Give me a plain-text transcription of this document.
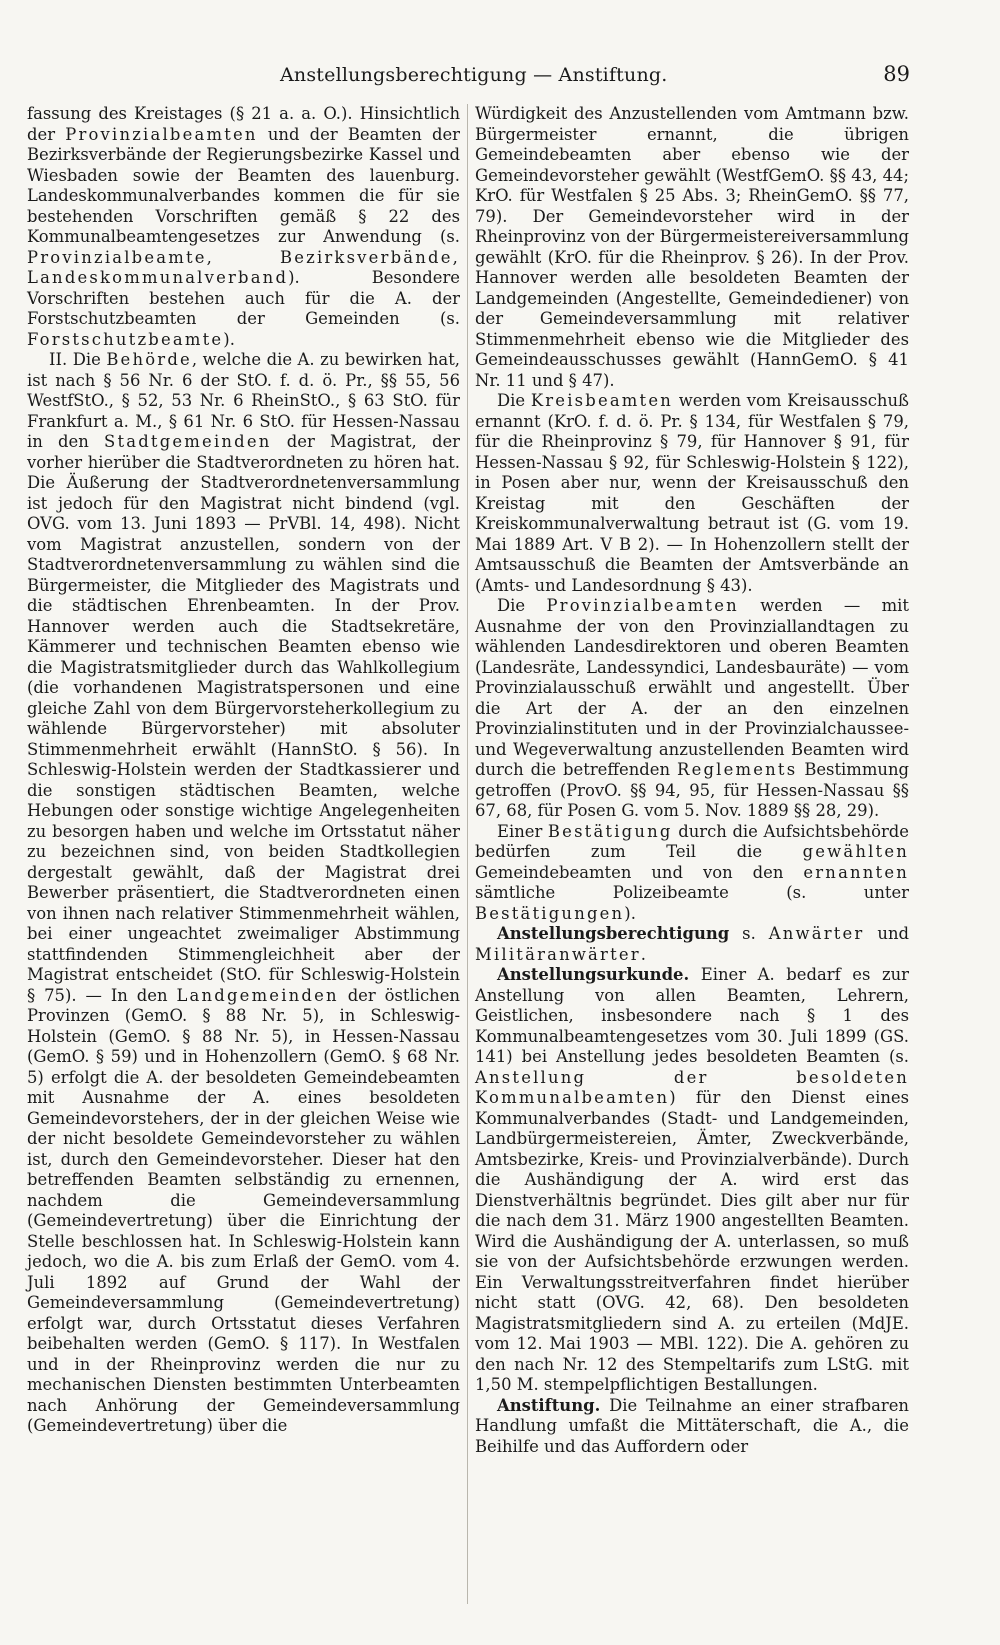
Anstellungsberechtigung — Anstiftung.	89

fassung des Kreistages (§ 21 a. a. O.). Hinsichtlich der Provinzialbeamten und der Beamten der Bezirksverbände der Regierungsbezirke Kassel und Wiesbaden sowie der Beamten des lauenburg. Landeskommunalverbandes kommen die für sie bestehenden Vorschriften gemäß § 22 des Kommunalbeamtengesetzes zur Anwendung (s. Provinzialbeamte, Bezirksverbände, Landeskommunalverband). Besondere Vorschriften bestehen auch für die A. der Forstschutzbeamten der Gemeinden (s. Forstschutzbeamte).

II. Die Behörde, welche die A. zu bewirken hat, ist nach § 56 Nr. 6 der StO. f. d. ö. Pr., §§ 55, 56 WestfStO., § 52, 53 Nr. 6 RheinStO., § 63 StO. für Frankfurt a. M., § 61 Nr. 6 StO. für Hessen-Nassau in den Stadtgemeinden der Magistrat, der vorher hierüber die Stadtverordneten zu hören hat. Die Äußerung der Stadtverordnetenversammlung ist jedoch für den Magistrat nicht bindend (vgl. OVG. vom 13. Juni 1893 — PrVBl. 14, 498). Nicht vom Magistrat anzustellen, sondern von der Stadtverordnetenversammlung zu wählen sind die Bürgermeister, die Mitglieder des Magistrats und die städtischen Ehrenbeamten. In der Prov. Hannover werden auch die Stadtsekretäre, Kämmerer und technischen Beamten ebenso wie die Magistratsmitglieder durch das Wahlkollegium (die vorhandenen Magistratspersonen und eine gleiche Zahl von dem Bürgervorsteherkollegium zu wählende Bürgervorsteher) mit absoluter Stimmenmehrheit erwählt (HannStO. § 56). In Schleswig-Holstein werden der Stadtkassierer und die sonstigen städtischen Beamten, welche Hebungen oder sonstige wichtige Angelegenheiten zu besorgen haben und welche im Ortsstatut näher zu bezeichnen sind, von beiden Stadtkollegien dergestalt gewählt, daß der Magistrat drei Bewerber präsentiert, die Stadtverordneten einen von ihnen nach relativer Stimmenmehrheit wählen, bei einer ungeachtet zweimaliger Abstimmung stattfindenden Stimmengleichheit aber der Magistrat entscheidet (StO. für Schleswig-Holstein § 75). — In den Landgemeinden der östlichen Provinzen (GemO. § 88 Nr. 5), in Schleswig-Holstein (GemO. § 88 Nr. 5), in Hessen-Nassau (GemO. § 59) und in Hohenzollern (GemO. § 68 Nr. 5) erfolgt die A. der besoldeten Gemeindebeamten mit Ausnahme der A. eines besoldeten Gemeindevorstehers, der in der gleichen Weise wie der nicht besoldete Gemeindevorsteher zu wählen ist, durch den Gemeindevorsteher. Dieser hat den betreffenden Beamten selbständig zu ernennen, nachdem die Gemeindeversammlung (Gemeindevertretung) über die Einrichtung der Stelle beschlossen hat. In Schleswig-Holstein kann jedoch, wo die A. bis zum Erlaß der GemO. vom 4. Juli 1892 auf Grund der Wahl der Gemeindeversammlung (Gemeindevertretung) erfolgt war, durch Ortsstatut dieses Verfahren beibehalten werden (GemO. § 117). In Westfalen und in der Rheinprovinz werden die nur zu mechanischen Diensten bestimmten Unterbeamten nach Anhörung der Gemeindeversammlung (Gemeindevertretung) über die

Würdigkeit des Anzustellenden vom Amtmann bzw. Bürgermeister ernannt, die übrigen Gemeindebeamten aber ebenso wie der Gemeindevorsteher gewählt (WestfGemO. §§ 43, 44; KrO. für Westfalen § 25 Abs. 3; RheinGemO. §§ 77, 79). Der Gemeindevorsteher wird in der Rheinprovinz von der Bürgermeistereiversammlung gewählt (KrO. für die Rheinprov. § 26). In der Prov. Hannover werden alle besoldeten Beamten der Landgemeinden (Angestellte, Gemeindediener) von der Gemeindeversammlung mit relativer Stimmenmehrheit ebenso wie die Mitglieder des Gemeindeausschusses gewählt (HannGemO. § 41 Nr. 11 und § 47).

Die Kreisbeamten werden vom Kreisausschuß ernannt (KrO. f. d. ö. Pr. § 134, für Westfalen § 79, für die Rheinprovinz § 79, für Hannover § 91, für Hessen-Nassau § 92, für Schleswig-Holstein § 122), in Posen aber nur, wenn der Kreisausschuß den Kreistag mit den Geschäften der Kreiskommunalverwaltung betraut ist (G. vom 19. Mai 1889 Art. V B 2). — In Hohenzollern stellt der Amtsausschuß die Beamten der Amtsverbände an (Amts- und Landesordnung § 43).

Die Provinzialbeamten werden — mit Ausnahme der von den Provinziallandtagen zu wählenden Landesdirektoren und oberen Beamten (Landesräte, Landessyndici, Landesbauräte) — vom Provinzialausschuß erwählt und angestellt. Über die Art der A. der an den einzelnen Provinzialinstituten und in der Provinzialchaussee- und Wegeverwaltung anzustellenden Beamten wird durch die betreffenden Reglements Bestimmung getroffen (ProvO. §§ 94, 95, für Hessen-Nassau §§ 67, 68, für Posen G. vom 5. Nov. 1889 §§ 28, 29).

Einer Bestätigung durch die Aufsichtsbehörde bedürfen zum Teil die gewählten Gemeindebeamten und von den ernannten sämtliche Polizeibeamte (s. unter Bestätigungen).

Anstellungsberechtigung s. Anwärter und Militäranwärter.

Anstellungsurkunde. Einer A. bedarf es zur Anstellung von allen Beamten, Lehrern, Geistlichen, insbesondere nach § 1 des Kommunalbeamtengesetzes vom 30. Juli 1899 (GS. 141) bei Anstellung jedes besoldeten Beamten (s. Anstellung der besoldeten Kommunalbeamten) für den Dienst eines Kommunalverbandes (Stadt- und Landgemeinden, Landbürgermeistereien, Ämter, Zweckverbände, Amtsbezirke, Kreis- und Provinzialverbände). Durch die Aushändigung der A. wird erst das Dienstverhältnis begründet. Dies gilt aber nur für die nach dem 31. März 1900 angestellten Beamten. Wird die Aushändigung der A. unterlassen, so muß sie von der Aufsichtsbehörde erzwungen werden. Ein Verwaltungsstreitverfahren findet hierüber nicht statt (OVG. 42, 68). Den besoldeten Magistratsmitgliedern sind A. zu erteilen (MdJE. vom 12. Mai 1903 — MBl. 122). Die A. gehören zu den nach Nr. 12 des Stempeltarifs zum LStG. mit 1,50 M. stempelpflichtigen Bestallungen.

Anstiftung. Die Teilnahme an einer strafbaren Handlung umfaßt die Mittäterschaft, die A., die Beihilfe und das Auffordern oder
